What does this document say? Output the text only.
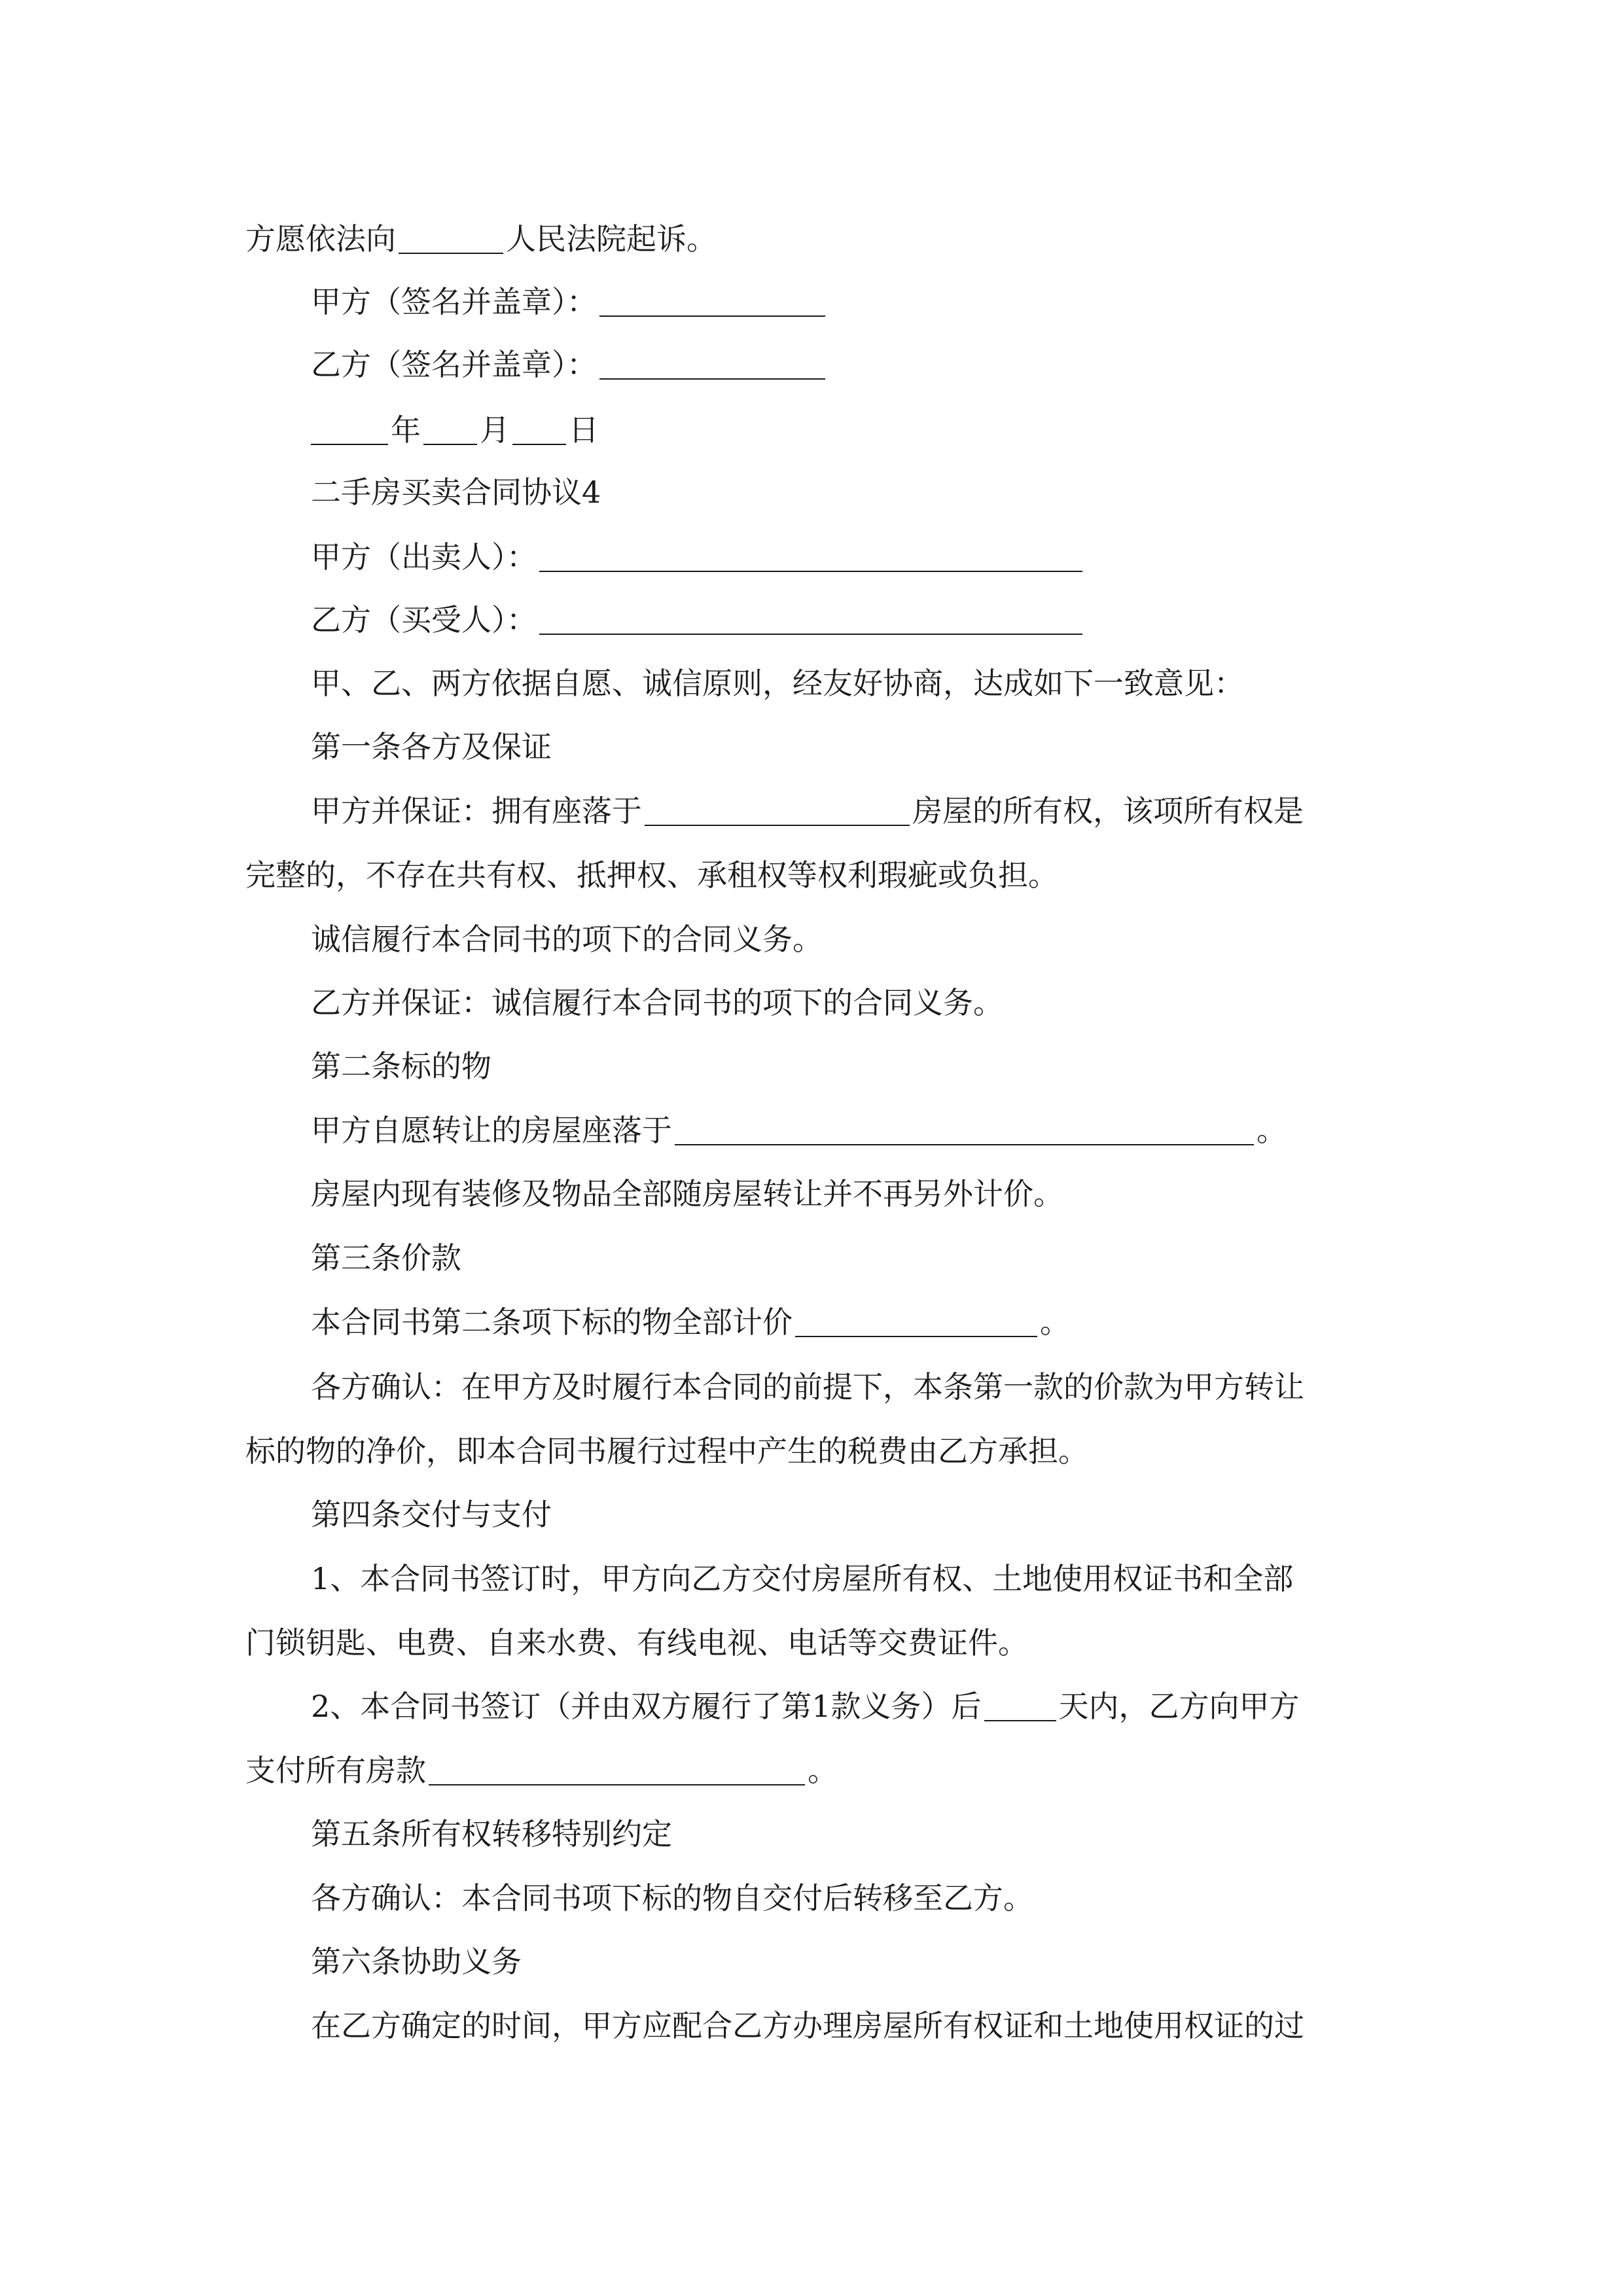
方愿依法向	人民法院起诉。
甲方（签名并盖章）：
乙方（签名并盖章）：
年 月 日
二手房买卖合同协议4
甲方（出卖人）：
乙方（买受人）：
甲、乙、两方依据自愿、诚信原则，经友好协商，达成如下一致意见：
第一条各方及保证
甲方并保证：拥有座落于	房屋的所有权，该项所有权是
完整的，不存在共有权、抵押权、承租权等权利瑕疵或负担。
诚信履行本合同书的项下的合同义务。
乙方并保证：诚信履行本合同书的项下的合同义务。
第二条标的物
甲方自愿转让的房屋座落于	。
房屋内现有装修及物品全部随房屋转让并不再另外计价。
第三条价款
本合同书第二条项下标的物全部计价	。
各方确认：在甲方及时履行本合同的前提下，本条第一款的价款为甲方转让
标的物的净价，即本合同书履行过程中产生的税费由乙方承担。
第四条交付与支付
1、本合同书签订时，甲方向乙方交付房屋所有权、土地使用权证书和全部
门锁钥匙、电费、自来水费、有线电视、电话等交费证件。
2、本合同书签订（并由双方履行了第1款义务）后	天内，乙方向甲方
支付所有房款	。
第五条所有权转移特别约定
各方确认：本合同书项下标的物自交付后转移至乙方。
第六条协助义务
在乙方确定的时间，甲方应配合乙方办理房屋所有权证和土地使用权证的过
